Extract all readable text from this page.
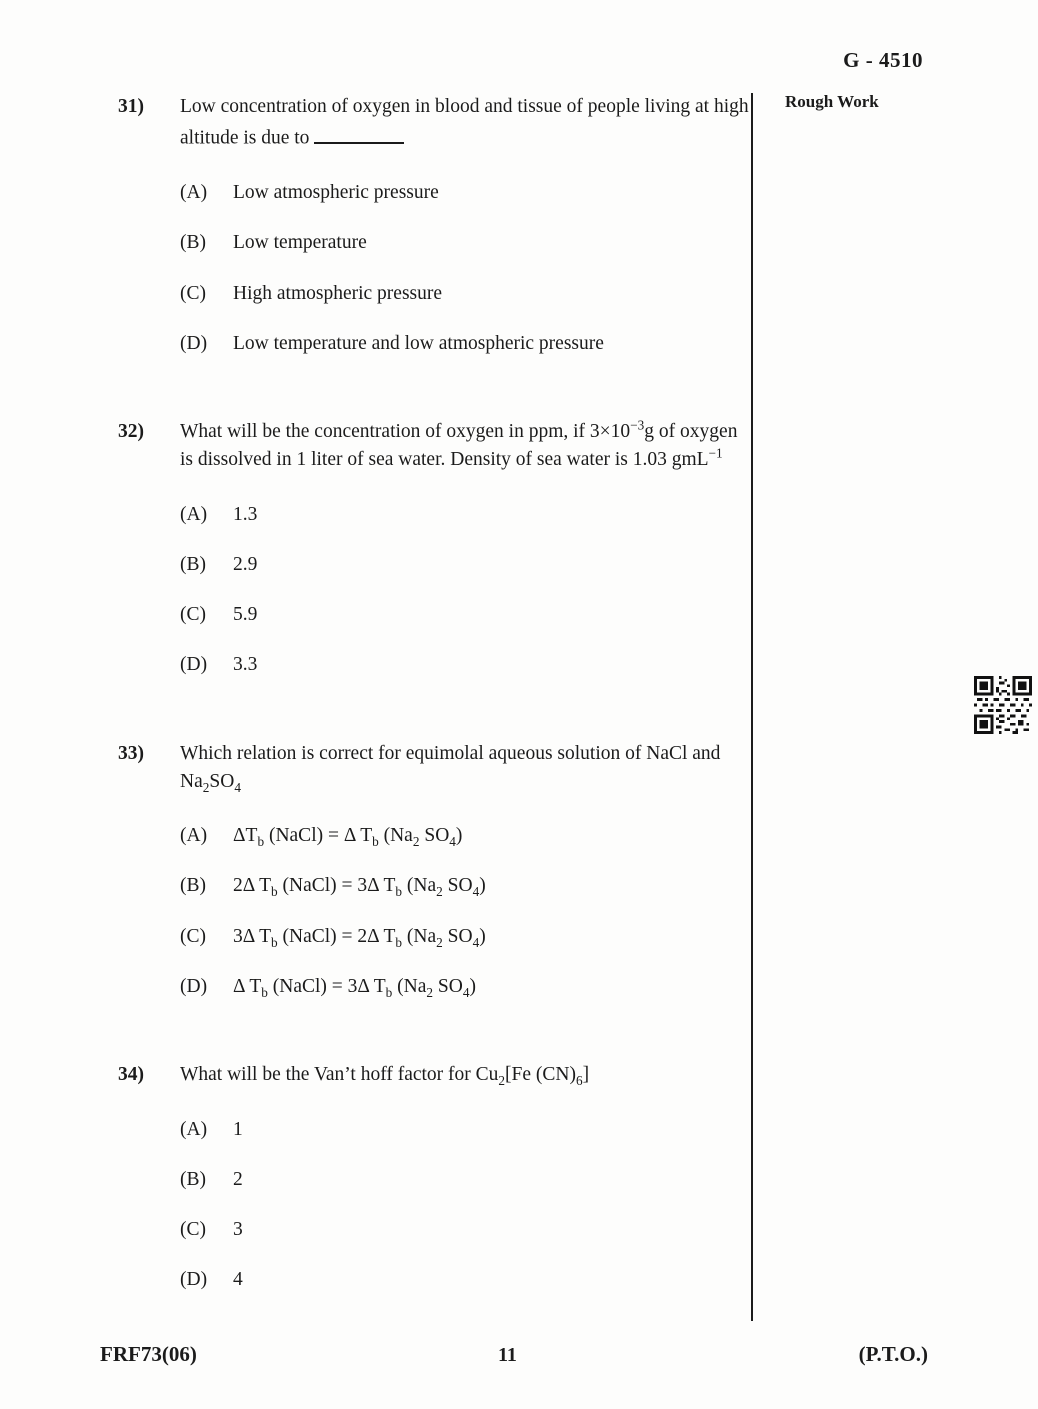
G - 4510
Rough Work
31) Low concentration of oxygen in blood and tissue of people living at high altitude is due to
(A) Low atmospheric pressure
(B) Low temperature
(C) High atmospheric pressure
(D) Low temperature and low atmospheric pressure
32) What will be the concentration of oxygen in ppm, if $3\times 10^{-3}g$ of oxygen is dissolved in 1 liter of sea water. Density of sea water is 1.03 gmL$^{-1}$
(A) 1.3
(B) 2.9
(C) 5.9
(D) 3.3
33) Which relation is correct for equimolal aqueous solution of NaCl and $Na_2SO_4$
(A) $\Delta T_b$ (NaCl) = Δ $T_b$ ($Na_2$ $SO_4$)
(B) 2Δ $T_b$ (NaCl) = 3Δ $T_b$ ($Na_2$ $SO_4$)
(C) 3Δ $T_b$ (NaCl) = 2Δ $T_b$ ($Na_2$ $SO_4$)
(D) Δ $T_b$ (NaCl) = 3Δ $T_b$ ($Na_2$ $SO_4$)
34) What will be the Van’t hoff factor for $Cu_2[Fe$ $(CN)_6$]
(A) 1
(B) 2
(C) 3
(D) 4
FRF73(06)	11	(P.T.O.)
